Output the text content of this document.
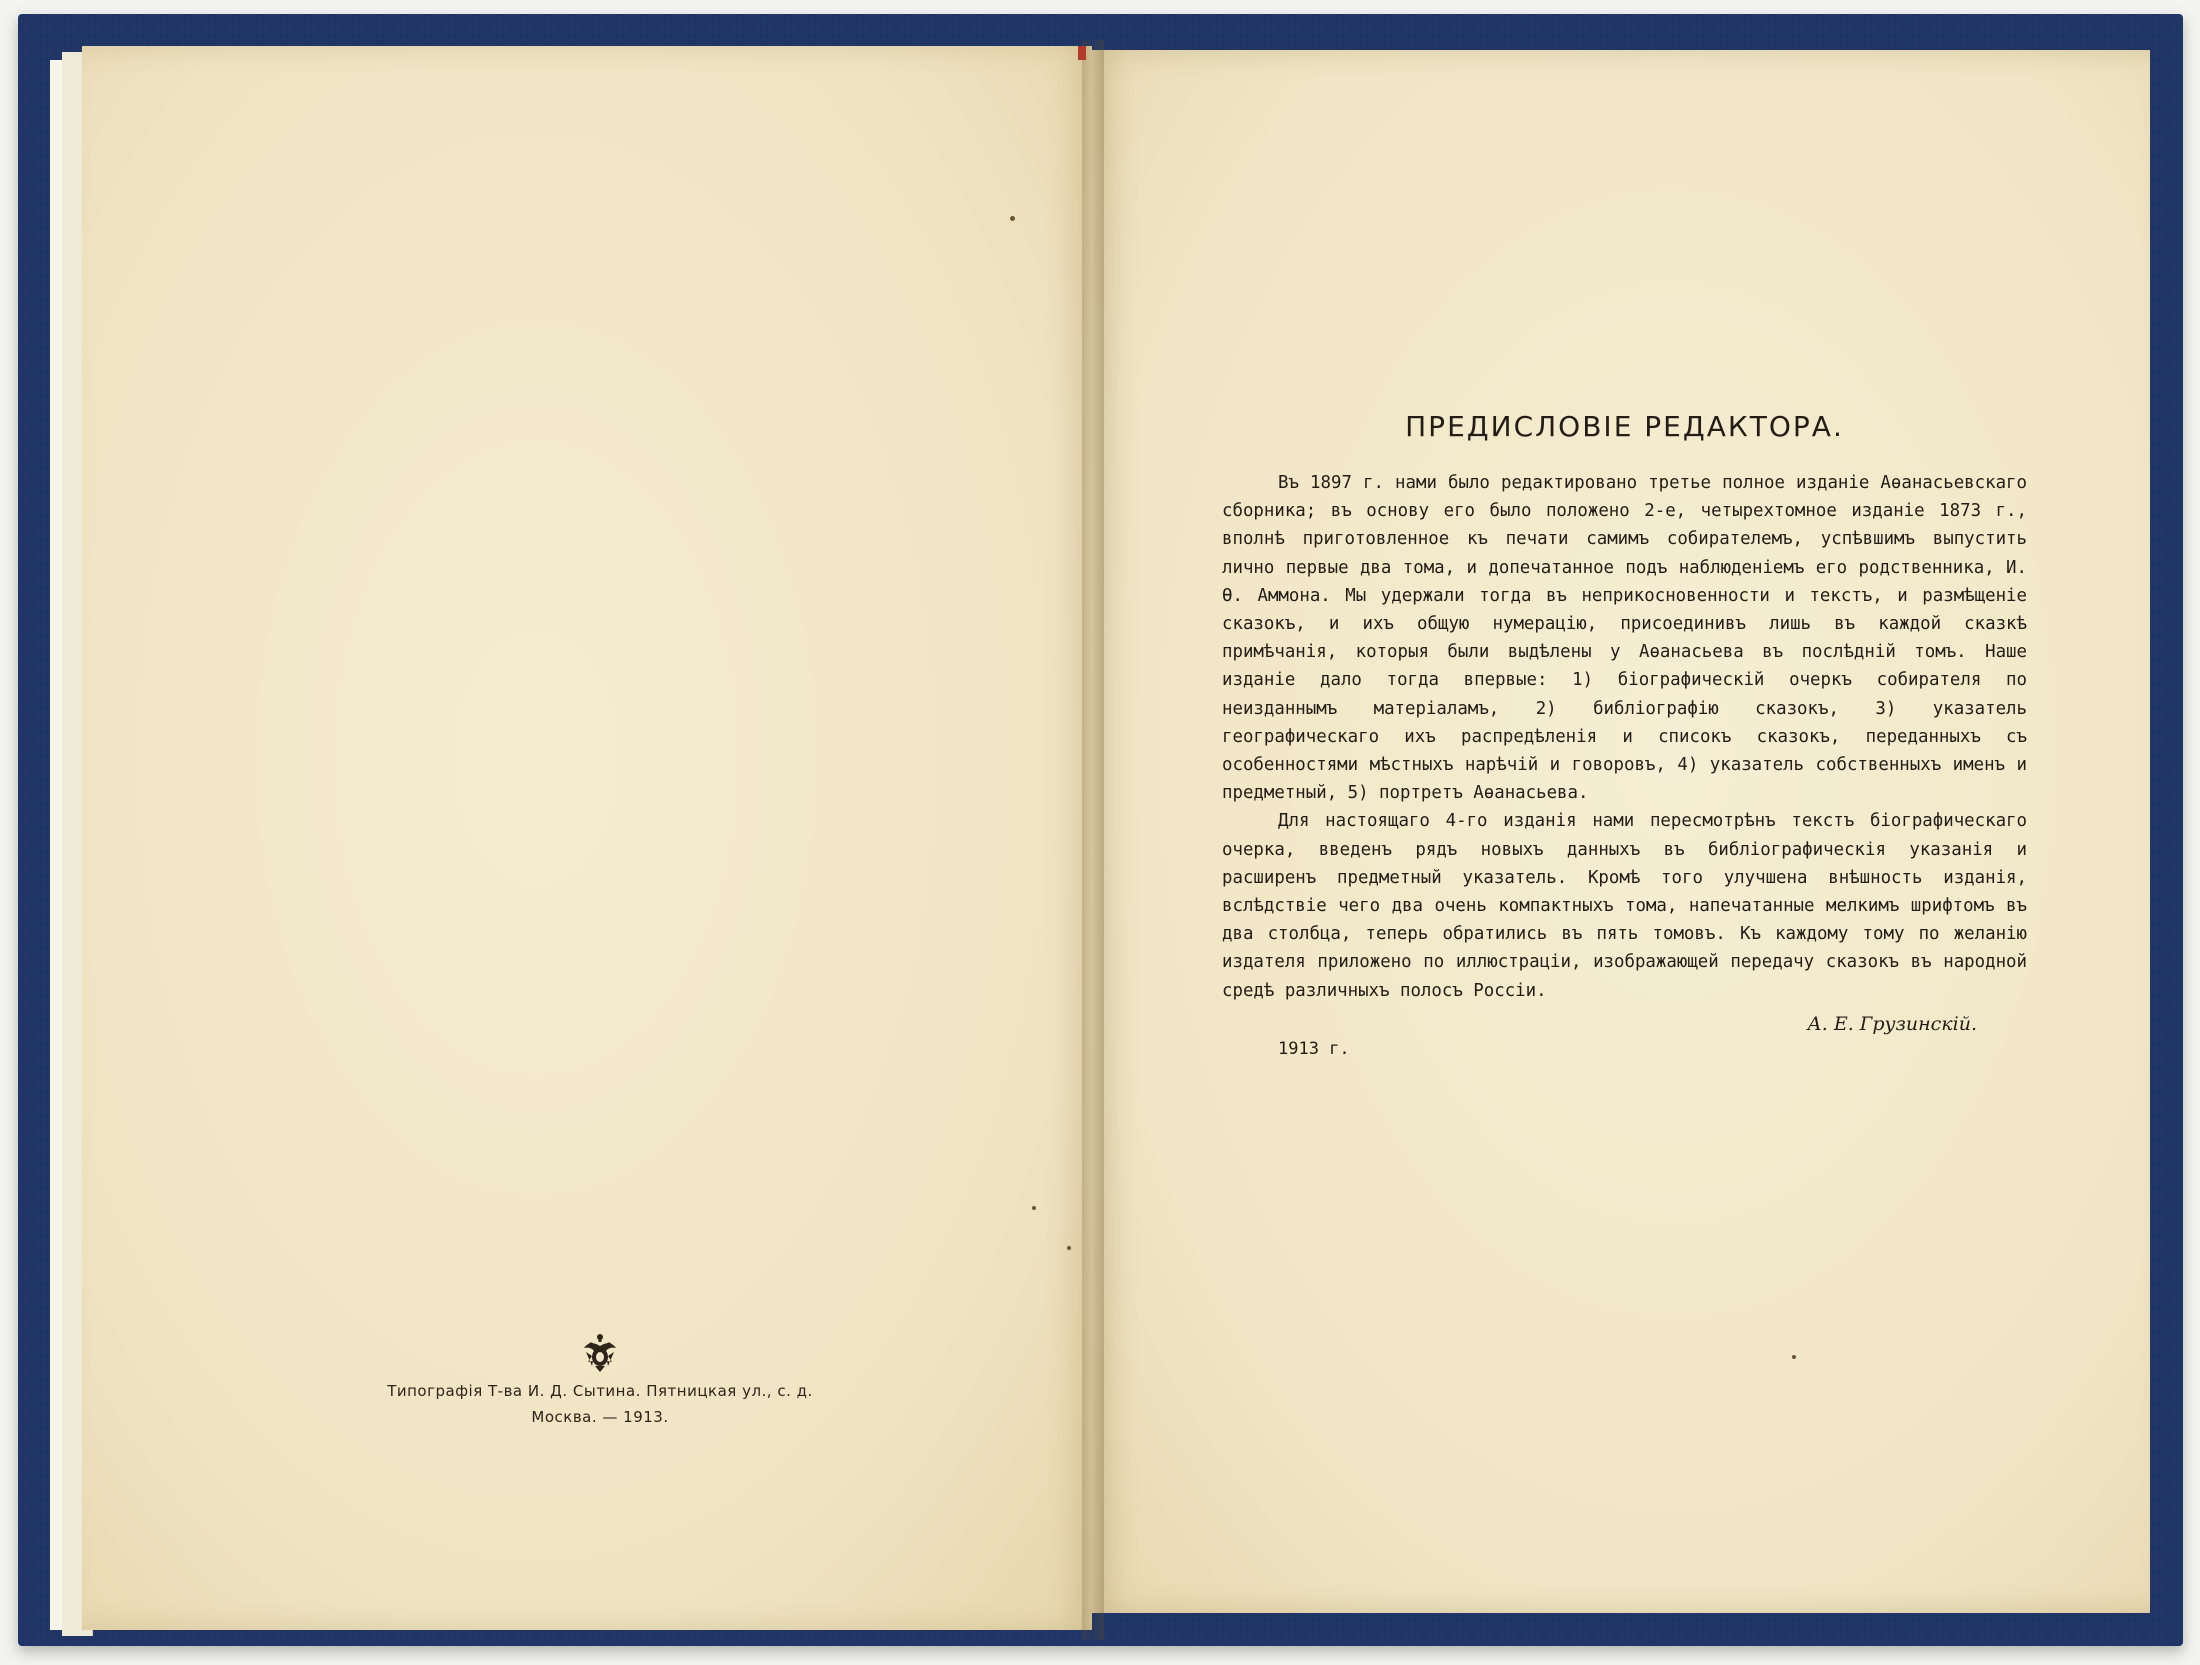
Типографія Т-ва И. Д. Сытина. Пятницкая ул., с. д.
Москва. — 1913.
ПРЕДИСЛОВІЕ РЕДАКТОРА.

Въ 1897 г. нами было редактировано третье полное изданіе Аѳанасьевскаго сборника; въ основу его было положено 2-е, четырехтомное изданіе 1873 г., вполнѣ приготовленное къ печати самимъ собирателемъ, успѣвшимъ выпустить лично первые два тома, и допечатанное подъ наблюденіемъ его родственника, И. Ѳ. Аммона. Мы удержали тогда въ неприкосновенности и текстъ, и размѣщеніе сказокъ, и ихъ общую нумерацію, присоединивъ лишь въ каждой сказкѣ примѣчанія, которыя были выдѣлены у Аѳанасьева въ послѣдній томъ. Наше изданіе дало тогда впервые: 1) біографическій очеркъ собирателя по неизданнымъ матеріаламъ, 2) библіографію сказокъ, 3) указатель географическаго ихъ распредѣленія и списокъ сказокъ, переданныхъ съ особенностями мѣстныхъ нарѣчій и говоровъ, 4) указатель собственныхъ именъ и предметный, 5) портретъ Аѳанасьева.

Для настоящаго 4-го изданія нами пересмотрѣнъ текстъ біографическаго очерка, введенъ рядъ новыхъ данныхъ въ библіографическія указанія и расширенъ предметный указатель. Кромѣ того улучшена внѣшность изданія, вслѣдствіе чего два очень компактныхъ тома, напечатанные мелкимъ шрифтомъ въ два столбца, теперь обратились въ пять томовъ. Къ каждому тому по желанію издателя приложено по иллюстраціи, изображающей передачу сказокъ въ народной средѣ различныхъ полосъ Россіи.

А. Е. Грузинскій.
1913 г.
